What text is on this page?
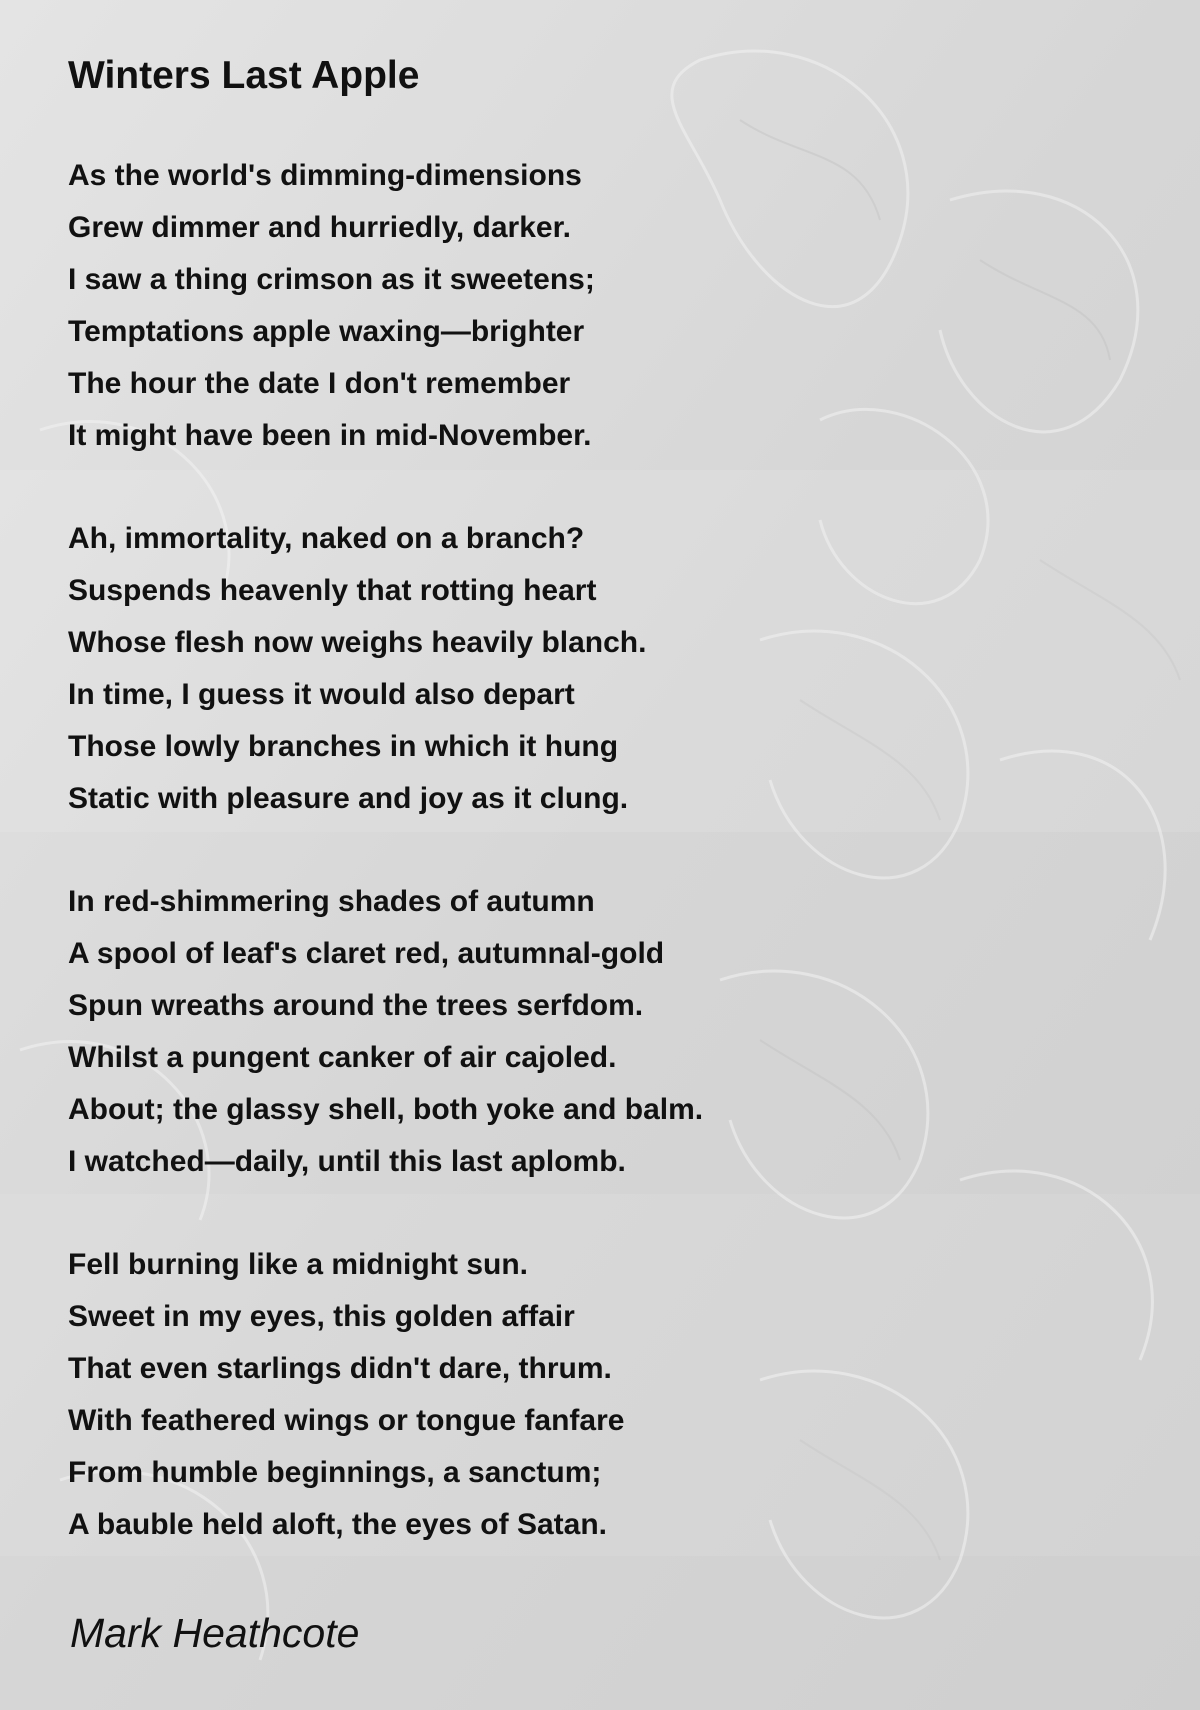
Winters Last Apple
As the world's dimming-dimensions
Grew dimmer and hurriedly, darker.
I saw a thing crimson as it sweetens;
Temptations apple waxing—brighter
The hour the date I don't remember
It might have been in mid-November.
Ah, immortality, naked on a branch?
Suspends heavenly that rotting heart
Whose flesh now weighs heavily blanch.
In time, I guess it would also depart
Those lowly branches in which it hung
Static with pleasure and joy as it clung.
In red-shimmering shades of autumn
A spool of leaf's claret red, autumnal-gold
Spun wreaths around the trees serfdom.
Whilst a pungent canker of air cajoled.
About; the glassy shell, both yoke and balm.
I watched—daily, until this last aplomb.
Fell burning like a midnight sun.
Sweet in my eyes, this golden affair
That even starlings didn't dare, thrum.
With feathered wings or tongue fanfare
From humble beginnings, a sanctum;
A bauble held aloft, the eyes of Satan.
Mark Heathcote
